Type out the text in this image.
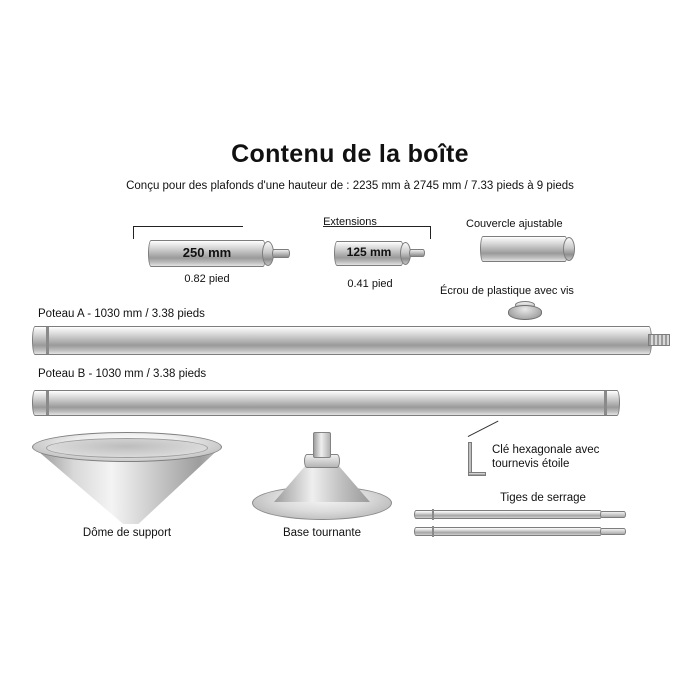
Contenu de la boîte
Conçu pour des plafonds d'une hauteur de : 2235 mm à 2745 mm / 7.33 pieds à 9 pieds
Extensions
250 mm
0.82 pied
125 mm
0.41 pied
Couvercle ajustable
Écrou de plastique avec vis
Poteau A - 1030 mm / 3.38 pieds
Poteau B - 1030 mm / 3.38 pieds
Dôme de support	Base tournante
Clé hexagonale avec
tournevis étoile
Tiges de serrage
